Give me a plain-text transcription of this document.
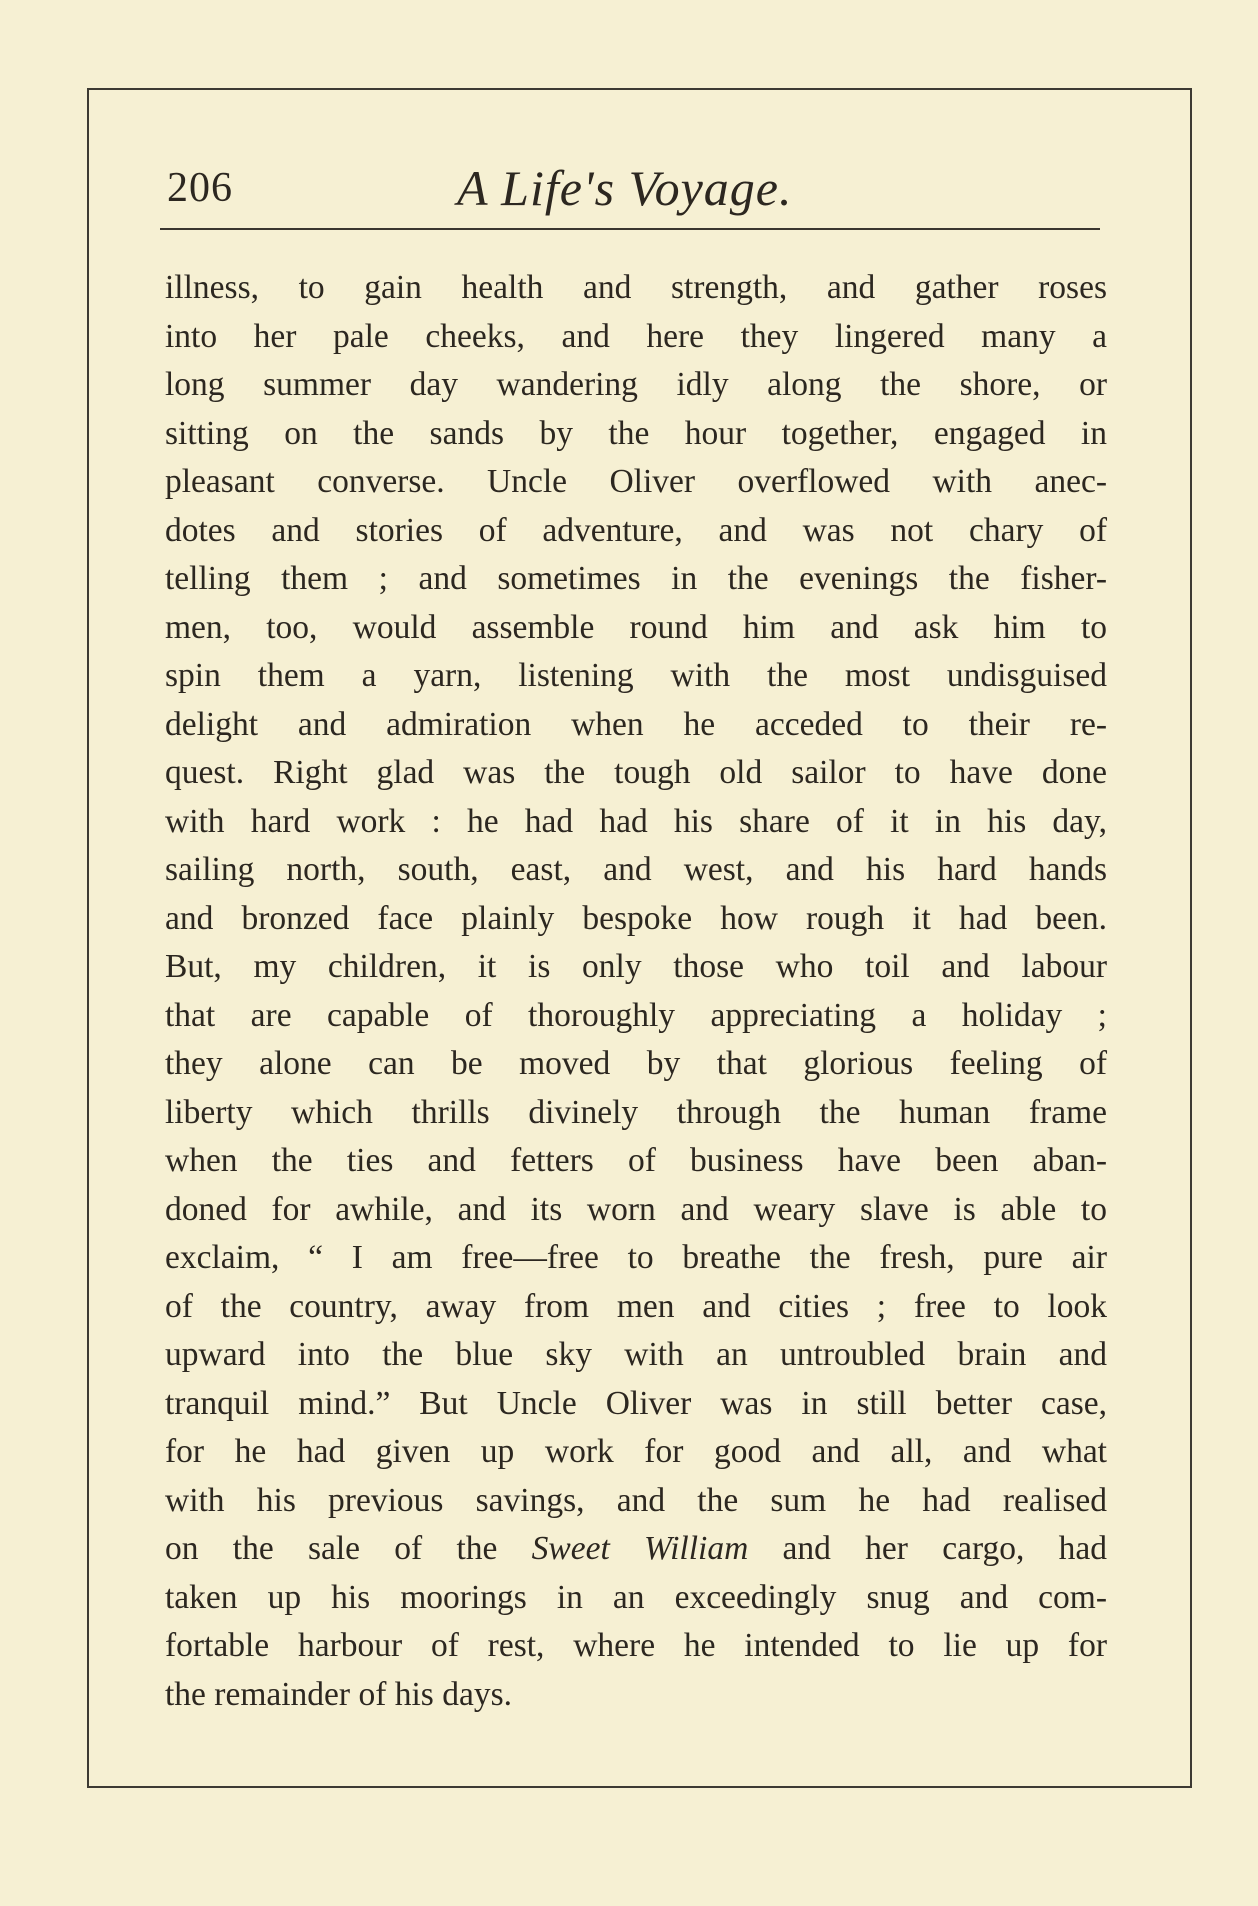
206	A Life's Voyage.
illness, to gain health and strength, and gather roses
into her pale cheeks, and here they lingered many a
long summer day wandering idly along the shore, or
sitting on the sands by the hour together, engaged in
pleasant converse. Uncle Oliver overflowed with anec-
dotes and stories of adventure, and was not chary of
telling them ; and sometimes in the evenings the fisher-
men, too, would assemble round him and ask him to
spin them a yarn, listening with the most undisguised
delight and admiration when he acceded to their re-
quest. Right glad was the tough old sailor to have done
with hard work : he had had his share of it in his day,
sailing north, south, east, and west, and his hard hands
and bronzed face plainly bespoke how rough it had been.
But, my children, it is only those who toil and labour
that are capable of thoroughly appreciating a holiday ;
they alone can be moved by that glorious feeling of
liberty which thrills divinely through the human frame
when the ties and fetters of business have been aban-
doned for awhile, and its worn and weary slave is able to
exclaim, “ I am free—free to breathe the fresh, pure air
of the country, away from men and cities ; free to look
upward into the blue sky with an untroubled brain and
tranquil mind.” But Uncle Oliver was in still better case,
for he had given up work for good and all, and what
with his previous savings, and the sum he had realised
on the sale of the Sweet William and her cargo, had
taken up his moorings in an exceedingly snug and com-
fortable harbour of rest, where he intended to lie up for
the remainder of his days.
